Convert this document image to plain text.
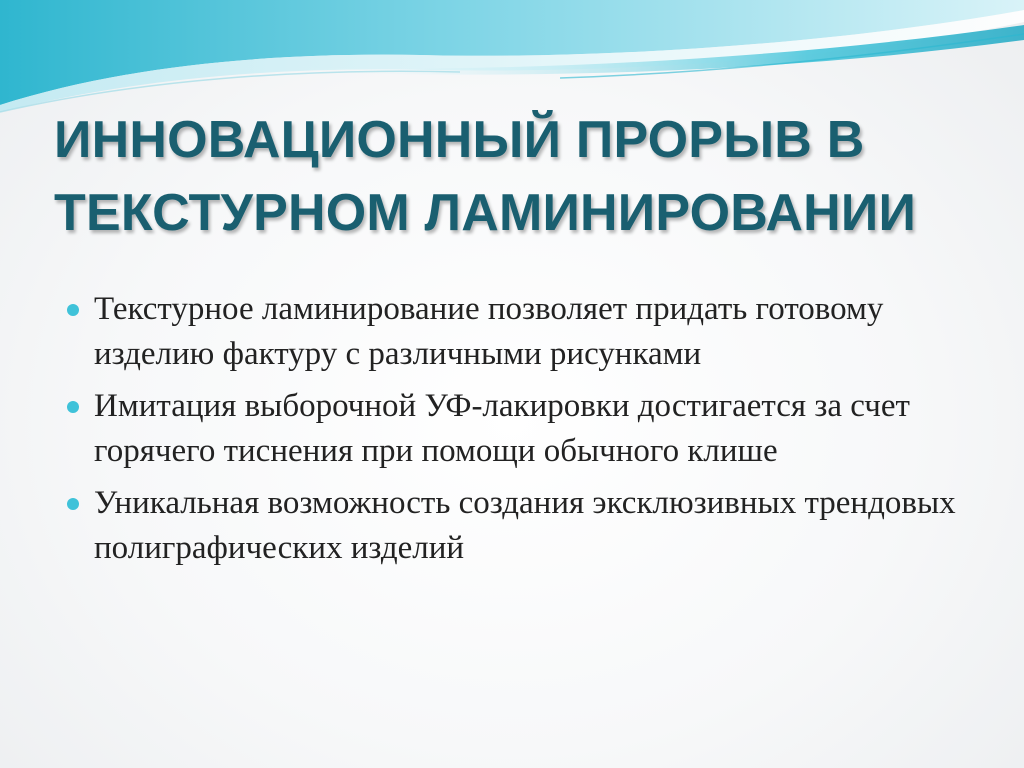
ИННОВАЦИОННЫЙ ПРОРЫВ В ТЕКСТУРНОМ ЛАМИНИРОВАНИИ
Текстурное ламинирование позволяет придать готовому изделию фактуру с различными рисунками
Имитация выборочной УФ-лакировки достигается за счет горячего тиснения при помощи обычного клише
Уникальная возможность создания эксклюзивных трендовых полиграфических изделий
